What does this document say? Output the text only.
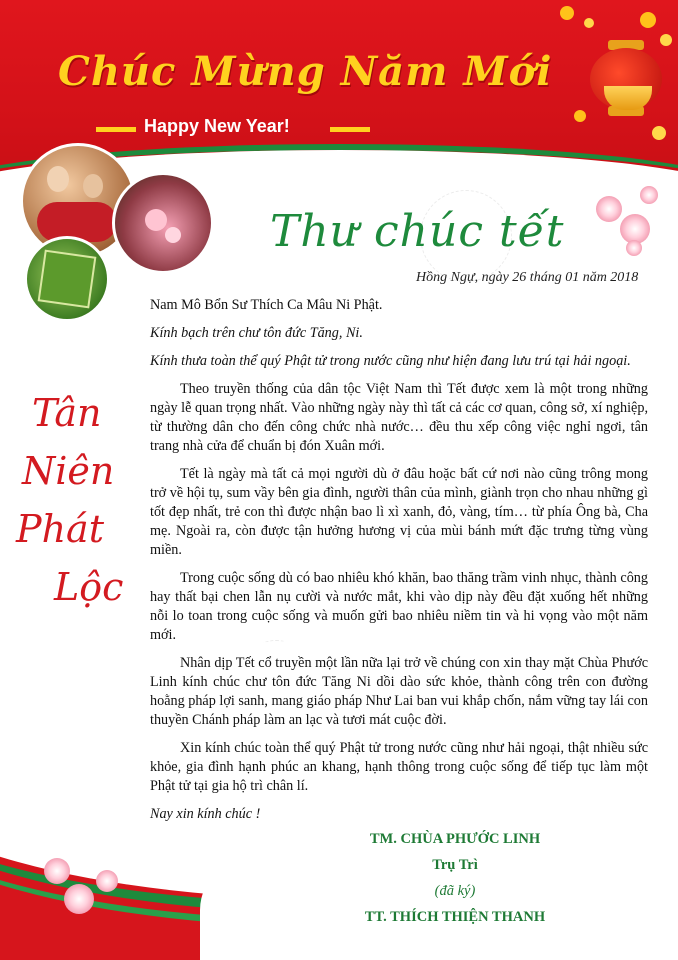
Chúc Mừng Năm Mới
Happy New Year!
Thư chúc tết
Hồng Ngự, ngày 26 tháng 01 năm 2018
Tân
Niên
Phát
Lộc

Nam Mô Bổn Sư Thích Ca Mâu Ni Phật.

Kính bạch trên chư tôn đức Tăng, Ni.

Kính thưa toàn thể quý Phật tử trong nước cũng như hiện đang lưu trú tại hải ngoại.

Theo truyền thống của dân tộc Việt Nam thì Tết được xem là một trong những ngày lễ quan trọng nhất. Vào những ngày này thì tất cả các cơ quan, công sở, xí nghiệp, từ thường dân cho đến công chức nhà nước… đều thu xếp công việc nghỉ ngơi, tân trang nhà cửa để chuẩn bị đón Xuân mới.

Tết là ngày mà tất cả mọi người dù ở đâu hoặc bất cứ nơi nào cũng trông mong trở về hội tụ, sum vầy bên gia đình, người thân của mình, giành trọn cho nhau những gì tốt đẹp nhất, trẻ con thì được nhận bao lì xì xanh, đỏ, vàng, tím… từ phía Ông bà, Cha mẹ. Ngoài ra, còn được tận hưởng hương vị của mùi bánh mứt đặc trưng từng vùng miền.

Trong cuộc sống dù có bao nhiêu khó khăn, bao thăng trầm vinh nhục, thành công hay thất bại chen lẫn nụ cười và nước mắt, khi vào dịp này đều đặt xuống hết những nỗi lo toan trong cuộc sống và muốn gửi bao nhiêu niềm tin và hi vọng vào một năm mới.

Nhân dịp Tết cổ truyền một lần nữa lại trở về chúng con xin thay mặt Chùa Phước Linh kính chúc chư tôn đức Tăng Ni dồi dào sức khỏe, thành công trên con đường hoằng pháp lợi sanh, mang giáo pháp Như Lai ban vui khắp chốn, nắm vững tay lái con thuyền Chánh pháp làm an lạc và tươi mát cuộc đời.

Xin kính chúc toàn thể quý Phật tử trong nước cũng như hải ngoại, thật nhiều sức khỏe, gia đình hạnh phúc an khang, hạnh thông trong cuộc sống để tiếp tục làm một Phật tử tại gia hộ trì chân lí.

Nay xin kính chúc !

TM. CHÙA PHƯỚC LINH
Trụ Trì
(đã ký)
TT. THÍCH THIỆN THANH
